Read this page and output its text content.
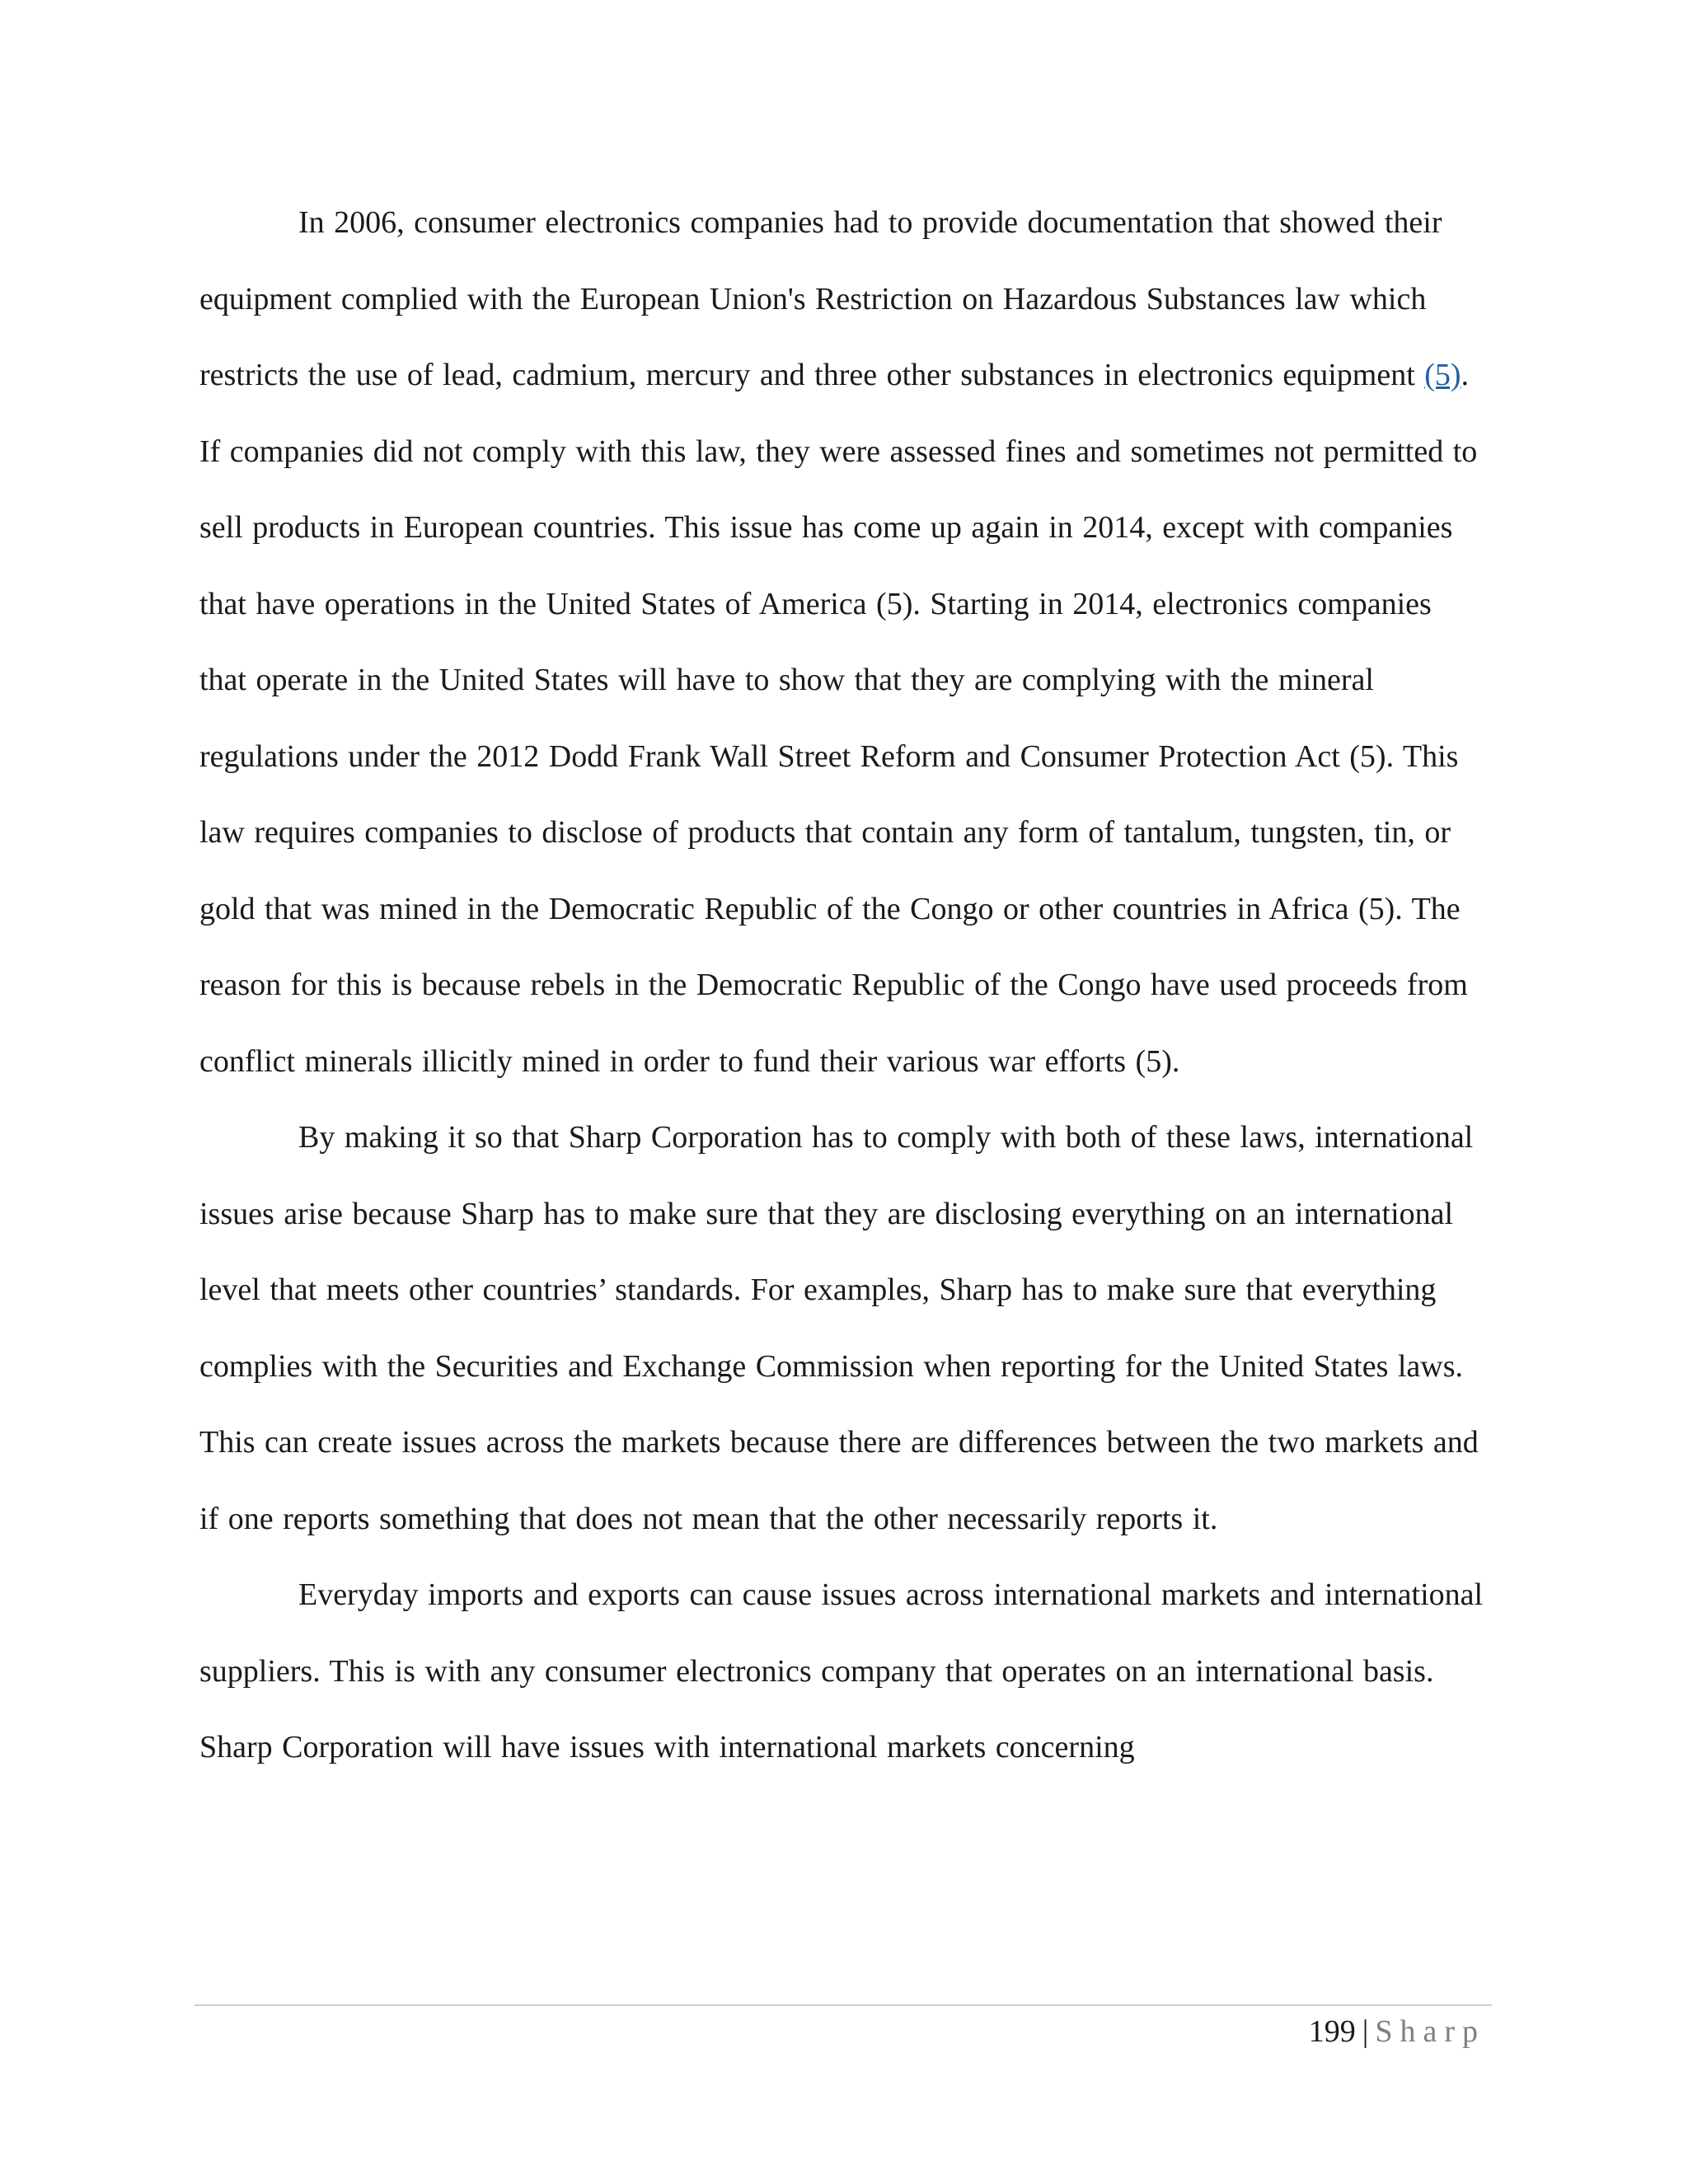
In 2006, consumer electronics companies had to provide documentation that showed their equipment complied with the European Union's Restriction on Hazardous Substances law which restricts the use of lead, cadmium, mercury and three other substances in electronics equipment (5). If companies did not comply with this law, they were assessed fines and sometimes not permitted to sell products in European countries. This issue has come up again in 2014, except with companies that have operations in the United States of America (5). Starting in 2014, electronics companies that operate in the United States will have to show that they are complying with the mineral regulations under the 2012 Dodd Frank Wall Street Reform and Consumer Protection Act (5). This law requires companies to disclose of products that contain any form of tantalum, tungsten, tin, or gold that was mined in the Democratic Republic of the Congo or other countries in Africa (5). The reason for this is because rebels in the Democratic Republic of the Congo have used proceeds from conflict minerals illicitly mined in order to fund their various war efforts (5).

By making it so that Sharp Corporation has to comply with both of these laws, international issues arise because Sharp has to make sure that they are disclosing everything on an international level that meets other countries’ standards. For examples, Sharp has to make sure that everything complies with the Securities and Exchange Commission when reporting for the United States laws. This can create issues across the markets because there are differences between the two markets and if one reports something that does not mean that the other necessarily reports it.

Everyday imports and exports can cause issues across international markets and international suppliers. This is with any consumer electronics company that operates on an international basis. Sharp Corporation will have issues with international markets concerning

199 | Sharp
